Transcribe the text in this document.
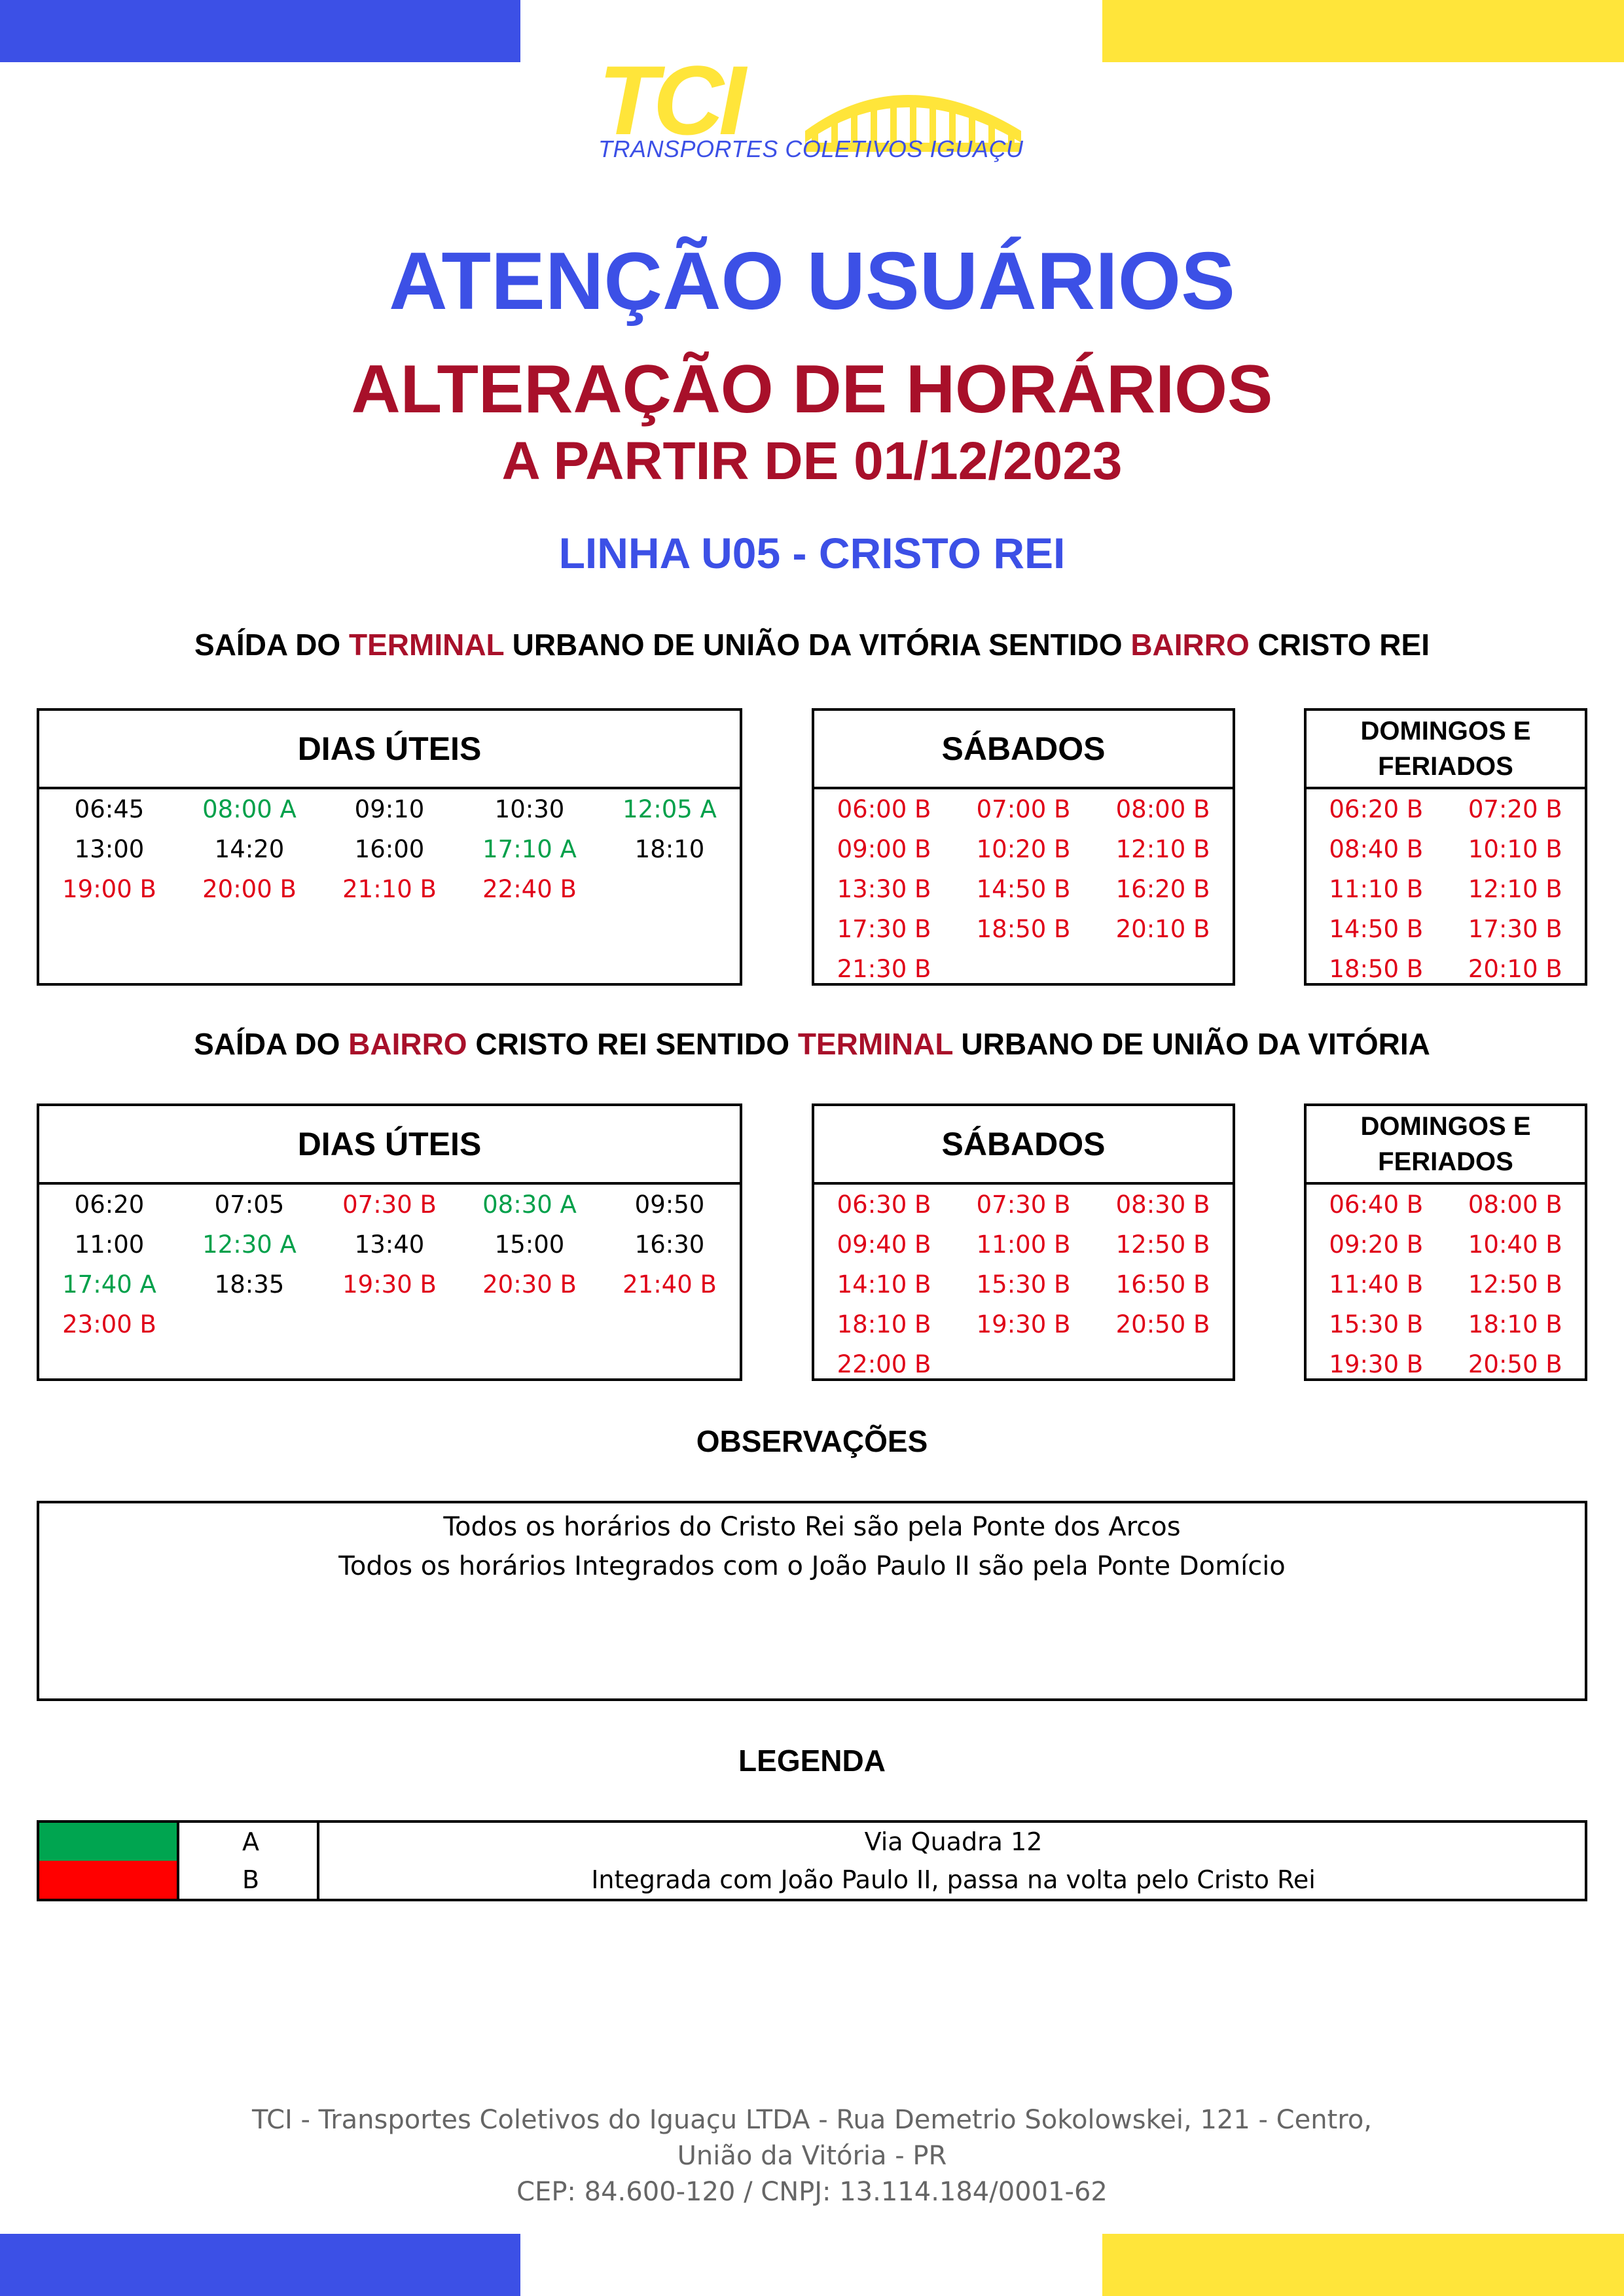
TCI
TRANSPORTES COLETIVOS IGUAÇU
ATENÇÃO USUÁRIOS
ALTERAÇÃO DE HORÁRIOS
A PARTIR DE 01/12/2023
LINHA U05 - CRISTO REI
SAÍDA DO TERMINAL URBANO DE UNIÃO DA VITÓRIA SENTIDO BAIRRO CRISTO REI
DIAS ÚTEIS
06:45	08:00 A	09:10	10:30	12:05 A
13:00	14:20	16:00	17:10 A	18:10
19:00 B	20:00 B	21:10 B	22:40 B
SÁBADOS
06:00 B	07:00 B	08:00 B
09:00 B	10:20 B	12:10 B
13:30 B	14:50 B	16:20 B
17:30 B	18:50 B	20:10 B
21:30 B
DOMINGOS E FERIADOS
06:20 B	07:20 B
08:40 B	10:10 B
11:10 B	12:10 B
14:50 B	17:30 B
18:50 B	20:10 B
SAÍDA DO BAIRRO CRISTO REI SENTIDO TERMINAL URBANO DE UNIÃO DA VITÓRIA
DIAS ÚTEIS
06:20	07:05	07:30 B	08:30 A	09:50
11:00	12:30 A	13:40	15:00	16:30
17:40 A	18:35	19:30 B	20:30 B	21:40 B
23:00 B
SÁBADOS
06:30 B	07:30 B	08:30 B
09:40 B	11:00 B	12:50 B
14:10 B	15:30 B	16:50 B
18:10 B	19:30 B	20:50 B
22:00 B
DOMINGOS E FERIADOS
06:40 B	08:00 B
09:20 B	10:40 B
11:40 B	12:50 B
15:30 B	18:10 B
19:30 B	20:50 B
OBSERVAÇÕES
Todos os horários do Cristo Rei são pela Ponte dos Arcos
Todos os horários Integrados com o João Paulo II são pela Ponte Domício
LEGENDA
A	Via Quadra 12
B	Integrada com João Paulo II, passa na volta pelo Cristo Rei
TCI - Transportes Coletivos do Iguaçu LTDA - Rua Demetrio Sokolowskei, 121 - Centro,
União da Vitória - PR
CEP: 84.600-120 / CNPJ: 13.114.184/0001-62
